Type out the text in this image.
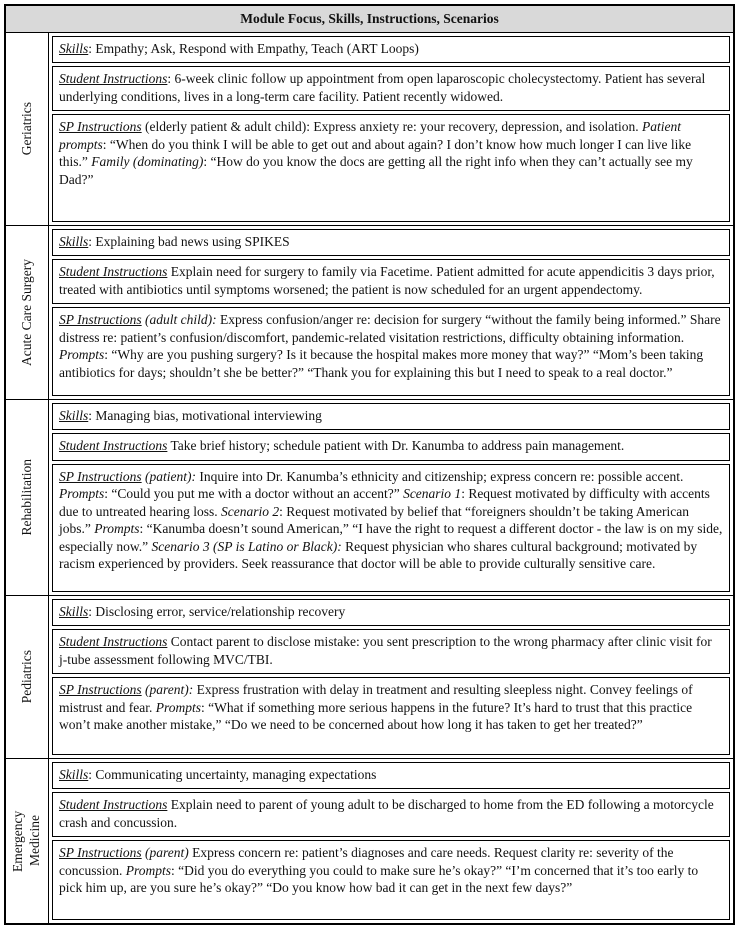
Module Focus, Skills, Instructions, Scenarios
Geriatrics
Skills: Empathy; Ask, Respond with Empathy, Teach (ART Loops)
Student Instructions: 6-week clinic follow up appointment from open laparoscopic cholecystectomy. Patient has several underlying conditions, lives in a long-term care facility. Patient recently widowed.
SP Instructions (elderly patient & adult child): Express anxiety re: your recovery, depression, and isolation. Patient prompts: “When do you think I will be able to get out and about again? I don’t know how much longer I can live like this.” Family (dominating): “How do you know the docs are getting all the right info when they can’t actually see my Dad?”
Acute Care Surgery
Skills: Explaining bad news using SPIKES
Student Instructions Explain need for surgery to family via Facetime. Patient admitted for acute appendicitis 3 days prior, treated with antibiotics until symptoms worsened; the patient is now scheduled for an urgent appendectomy.
SP Instructions (adult child): Express confusion/anger re: decision for surgery “without the family being informed.” Share distress re: patient’s confusion/discomfort, pandemic-related visitation restrictions, difficulty obtaining information. Prompts: “Why are you pushing surgery? Is it because the hospital makes more money that way?” “Mom’s been taking antibiotics for days; shouldn’t she be better?” “Thank you for explaining this but I need to speak to a real doctor.”
Rehabilitation
Skills: Managing bias, motivational interviewing
Student Instructions Take brief history; schedule patient with Dr. Kanumba to address pain management.
SP Instructions (patient): Inquire into Dr. Kanumba’s ethnicity and citizenship; express concern re: possible accent. Prompts: “Could you put me with a doctor without an accent?” Scenario 1: Request motivated by difficulty with accents due to untreated hearing loss. Scenario 2: Request motivated by belief that “foreigners shouldn’t be taking American jobs.” Prompts: “Kanumba doesn’t sound American,” “I have the right to request a different doctor - the law is on my side, especially now.” Scenario 3 (SP is Latino or Black): Request physician who shares cultural background; motivated by racism experienced by providers. Seek reassurance that doctor will be able to provide culturally sensitive care.
Pediatrics
Skills: Disclosing error, service/relationship recovery
Student Instructions Contact parent to disclose mistake: you sent prescription to the wrong pharmacy after clinic visit for j-tube assessment following MVC/TBI.
SP Instructions (parent): Express frustration with delay in treatment and resulting sleepless night. Convey feelings of mistrust and fear. Prompts: “What if something more serious happens in the future? It’s hard to trust that this practice won’t make another mistake,” “Do we need to be concerned about how long it has taken to get her treated?”
Emergency Medicine
Skills: Communicating uncertainty, managing expectations
Student Instructions Explain need to parent of young adult to be discharged to home from the ED following a motorcycle crash and concussion.
SP Instructions (parent) Express concern re: patient’s diagnoses and care needs. Request clarity re: severity of the concussion. Prompts: “Did you do everything you could to make sure he’s okay?” “I’m concerned that it’s too early to pick him up, are you sure he’s okay?” “Do you know how bad it can get in the next few days?”
